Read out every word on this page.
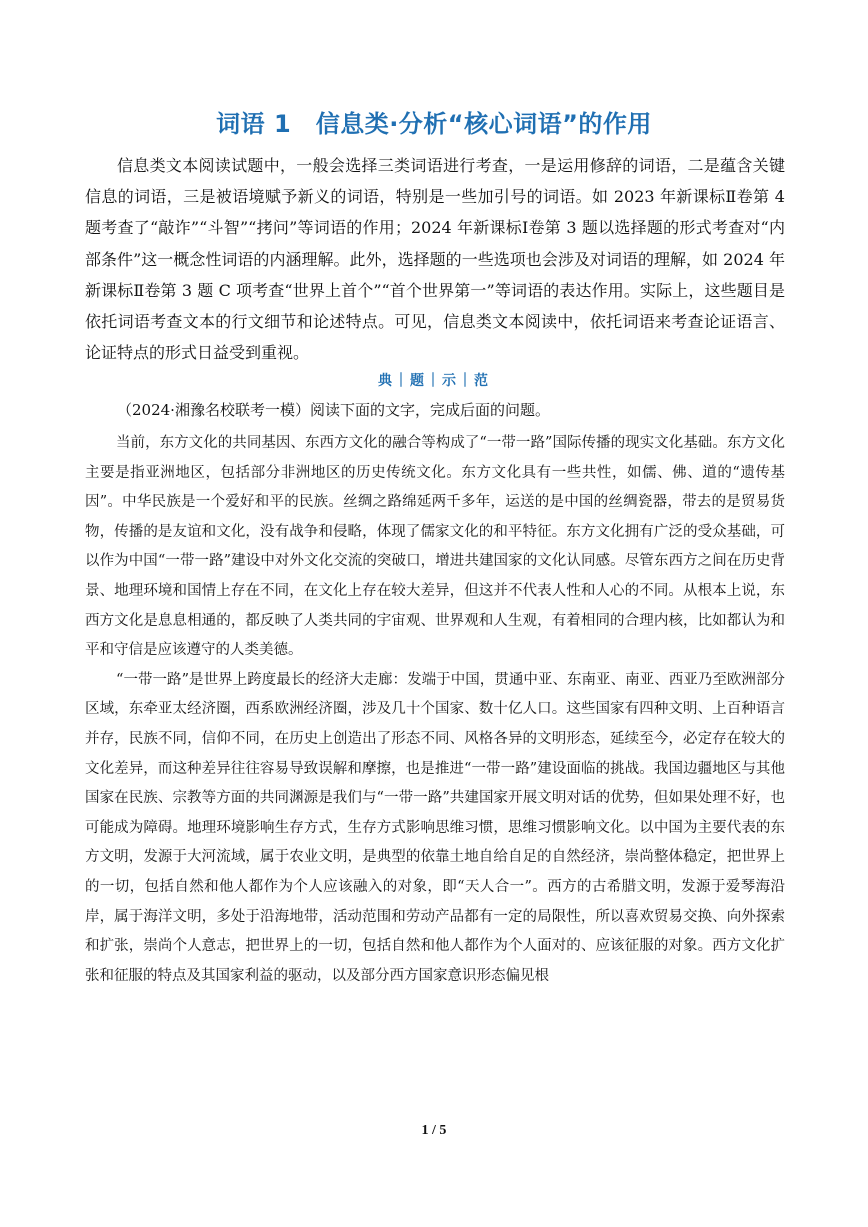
词语 1　信息类·分析“核心词语”的作用

信息类文本阅读试题中，一般会选择三类词语进行考查，一是运用修辞的词语，二是蕴含关键信息的词语，三是被语境赋予新义的词语，特别是一些加引号的词语。如 2023 年新课标Ⅱ卷第 4 题考查了“敲诈”“斗智”“拷问”等词语的作用；2024 年新课标Ⅰ卷第 3 题以选择题的形式考查对“内部条件”这一概念性词语的内涵理解。此外，选择题的一些选项也会涉及对词语的理解，如 2024 年新课标Ⅱ卷第 3 题 C 项考查“世界上首个”“首个世界第一”等词语的表达作用。实际上，这些题目是依托词语考查文本的行文细节和论述特点。可见，信息类文本阅读中，依托词语来考查论证语言、论证特点的形式日益受到重视。

典｜题｜示｜范
（2024·湘豫名校联考一模）阅读下面的文字，完成后面的问题。

当前，东方文化的共同基因、东西方文化的融合等构成了“一带一路”国际传播的现实文化基础。东方文化主要是指亚洲地区，包括部分非洲地区的历史传统文化。东方文化具有一些共性，如儒、佛、道的“遗传基因”。中华民族是一个爱好和平的民族。丝绸之路绵延两千多年，运送的是中国的丝绸瓷器，带去的是贸易货物，传播的是友谊和文化，没有战争和侵略，体现了儒家文化的和平特征。东方文化拥有广泛的受众基础，可以作为中国“一带一路”建设中对外文化交流的突破口，增进共建国家的文化认同感。尽管东西方之间在历史背景、地理环境和国情上存在不同，在文化上存在较大差异，但这并不代表人性和人心的不同。从根本上说，东西方文化是息息相通的，都反映了人类共同的宇宙观、世界观和人生观，有着相同的合理内核，比如都认为和平和守信是应该遵守的人类美德。

“一带一路”是世界上跨度最长的经济大走廊：发端于中国，贯通中亚、东南亚、南亚、西亚乃至欧洲部分区域，东牵亚太经济圈，西系欧洲经济圈，涉及几十个国家、数十亿人口。这些国家有四种文明、上百种语言并存，民族不同，信仰不同，在历史上创造出了形态不同、风格各异的文明形态，延续至今，必定存在较大的文化差异，而这种差异往往容易导致误解和摩擦，也是推进“一带一路”建设面临的挑战。我国边疆地区与其他国家在民族、宗教等方面的共同渊源是我们与“一带一路”共建国家开展文明对话的优势，但如果处理不好，也可能成为障碍。地理环境影响生存方式，生存方式影响思维习惯，思维习惯影响文化。以中国为主要代表的东方文明，发源于大河流域，属于农业文明，是典型的依靠土地自给自足的自然经济，崇尚整体稳定，把世界上的一切，包括自然和他人都作为个人应该融入的对象，即“天人合一”。西方的古希腊文明，发源于爱琴海沿岸，属于海洋文明，多处于沿海地带，活动范围和劳动产品都有一定的局限性，所以喜欢贸易交换、向外探索和扩张，崇尚个人意志，把世界上的一切，包括自然和他人都作为个人面对的、应该征服的对象。西方文化扩张和征服的特点及其国家利益的驱动，以及部分西方国家意识形态偏见根

1 / 5
